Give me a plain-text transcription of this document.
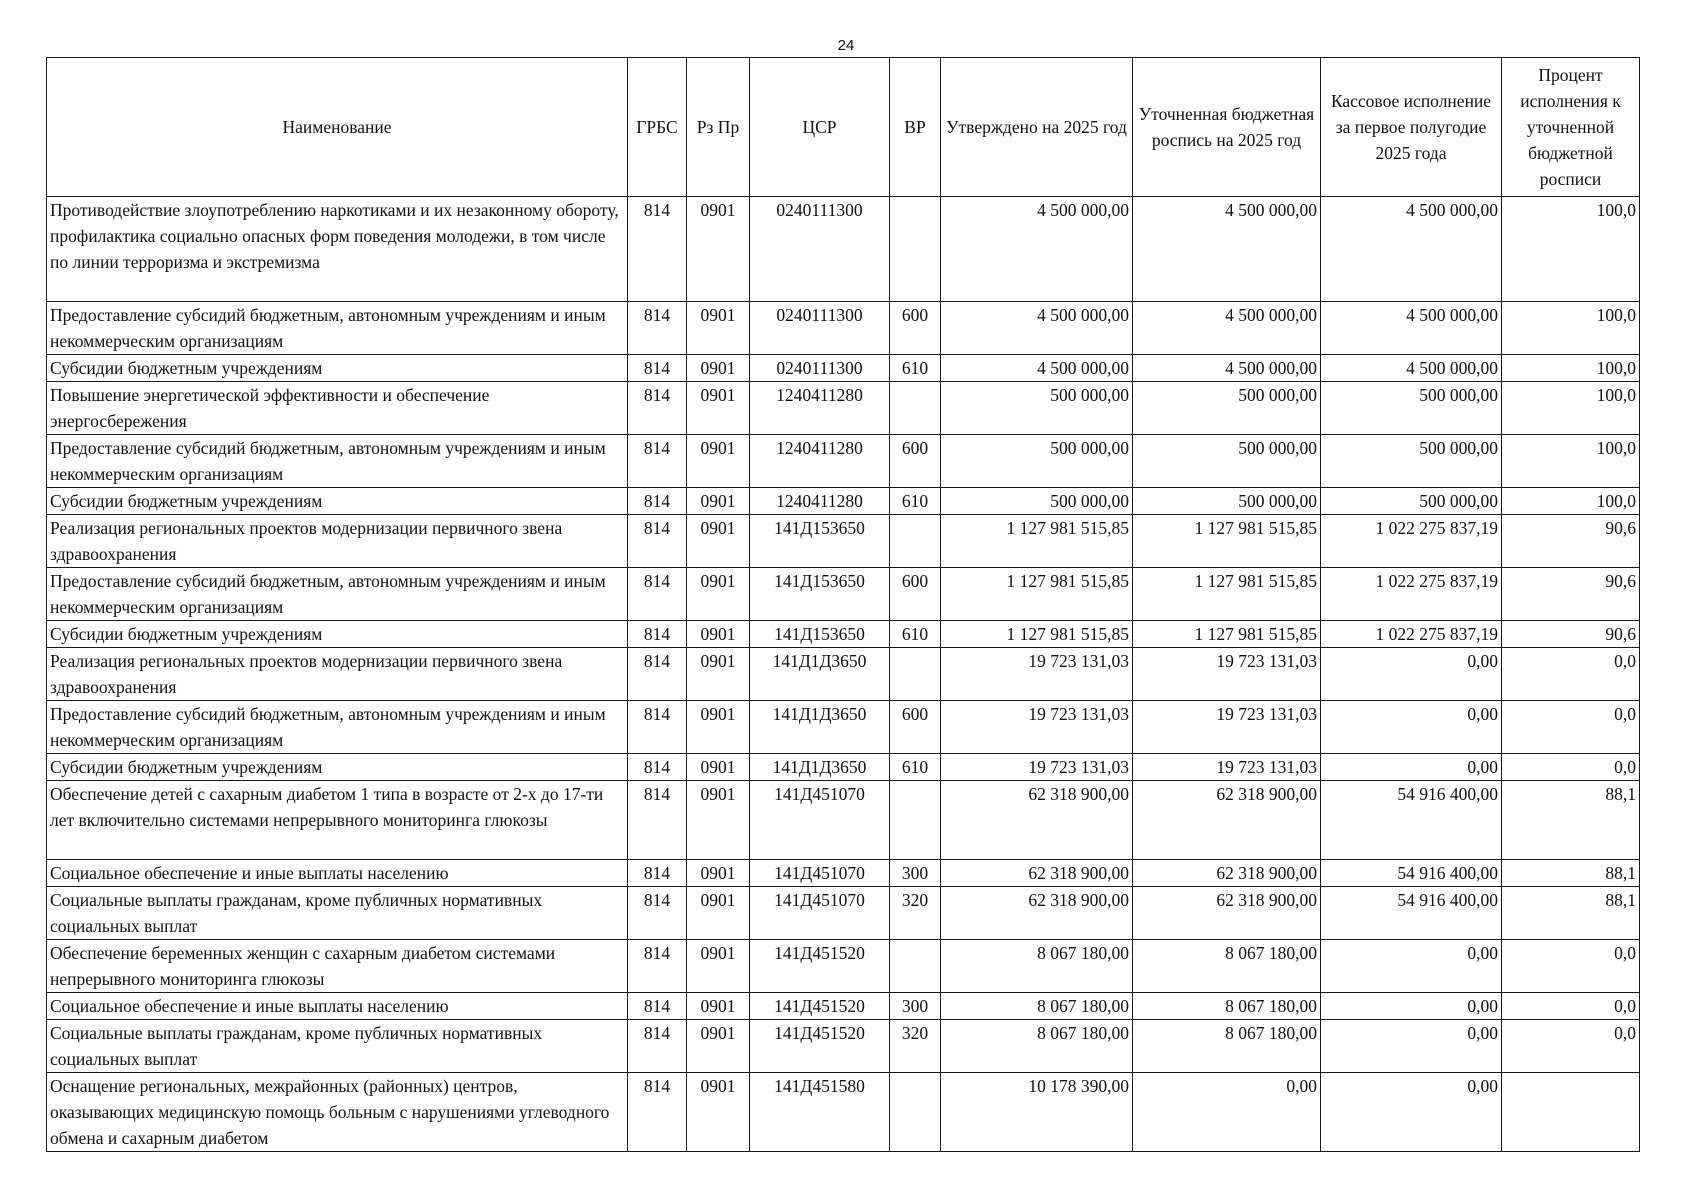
24
Наименование	ГРБС	Рз Пр	ЦСР	ВР	Утверждено на 2025 год	Уточненная бюджетная роспись на 2025 год	Кассовое исполнение за первое полугодие 2025 года	Процент исполнения к уточненной бюджетной росписи
Противодействие злоупотреблению наркотиками и их незаконному обороту, профилактика социально опасных форм поведения молодежи, в том числе по линии терроризма и экстремизма	814	0901	0240111300		4 500 000,00	4 500 000,00	4 500 000,00	100,0
Предоставление субсидий бюджетным, автономным учреждениям и иным некоммерческим организациям	814	0901	0240111300	600	4 500 000,00	4 500 000,00	4 500 000,00	100,0
Субсидии бюджетным учреждениям	814	0901	0240111300	610	4 500 000,00	4 500 000,00	4 500 000,00	100,0
Повышение энергетической эффективности и обеспечение энергосбережения	814	0901	1240411280		500 000,00	500 000,00	500 000,00	100,0
Предоставление субсидий бюджетным, автономным учреждениям и иным некоммерческим организациям	814	0901	1240411280	600	500 000,00	500 000,00	500 000,00	100,0
Субсидии бюджетным учреждениям	814	0901	1240411280	610	500 000,00	500 000,00	500 000,00	100,0
Реализация региональных проектов модернизации первичного звена здравоохранения	814	0901	141Д153650		1 127 981 515,85	1 127 981 515,85	1 022 275 837,19	90,6
Предоставление субсидий бюджетным, автономным учреждениям и иным некоммерческим организациям	814	0901	141Д153650	600	1 127 981 515,85	1 127 981 515,85	1 022 275 837,19	90,6
Субсидии бюджетным учреждениям	814	0901	141Д153650	610	1 127 981 515,85	1 127 981 515,85	1 022 275 837,19	90,6
Реализация региональных проектов модернизации первичного звена здравоохранения	814	0901	141Д1Д3650		19 723 131,03	19 723 131,03	0,00	0,0
Предоставление субсидий бюджетным, автономным учреждениям и иным некоммерческим организациям	814	0901	141Д1Д3650	600	19 723 131,03	19 723 131,03	0,00	0,0
Субсидии бюджетным учреждениям	814	0901	141Д1Д3650	610	19 723 131,03	19 723 131,03	0,00	0,0
Обеспечение детей с сахарным диабетом 1 типа в возрасте от 2-х до 17-ти лет включительно системами непрерывного мониторинга глюкозы	814	0901	141Д451070		62 318 900,00	62 318 900,00	54 916 400,00	88,1
Социальное обеспечение и иные выплаты населению	814	0901	141Д451070	300	62 318 900,00	62 318 900,00	54 916 400,00	88,1
Социальные выплаты гражданам, кроме публичных нормативных социальных выплат	814	0901	141Д451070	320	62 318 900,00	62 318 900,00	54 916 400,00	88,1
Обеспечение беременных женщин с сахарным диабетом системами непрерывного мониторинга глюкозы	814	0901	141Д451520		8 067 180,00	8 067 180,00	0,00	0,0
Социальное обеспечение и иные выплаты населению	814	0901	141Д451520	300	8 067 180,00	8 067 180,00	0,00	0,0
Социальные выплаты гражданам, кроме публичных нормативных социальных выплат	814	0901	141Д451520	320	8 067 180,00	8 067 180,00	0,00	0,0
Оснащение региональных, межрайонных (районных) центров, оказывающих медицинскую помощь больным с нарушениями углеводного обмена и сахарным диабетом	814	0901	141Д451580		10 178 390,00	0,00	0,00	
